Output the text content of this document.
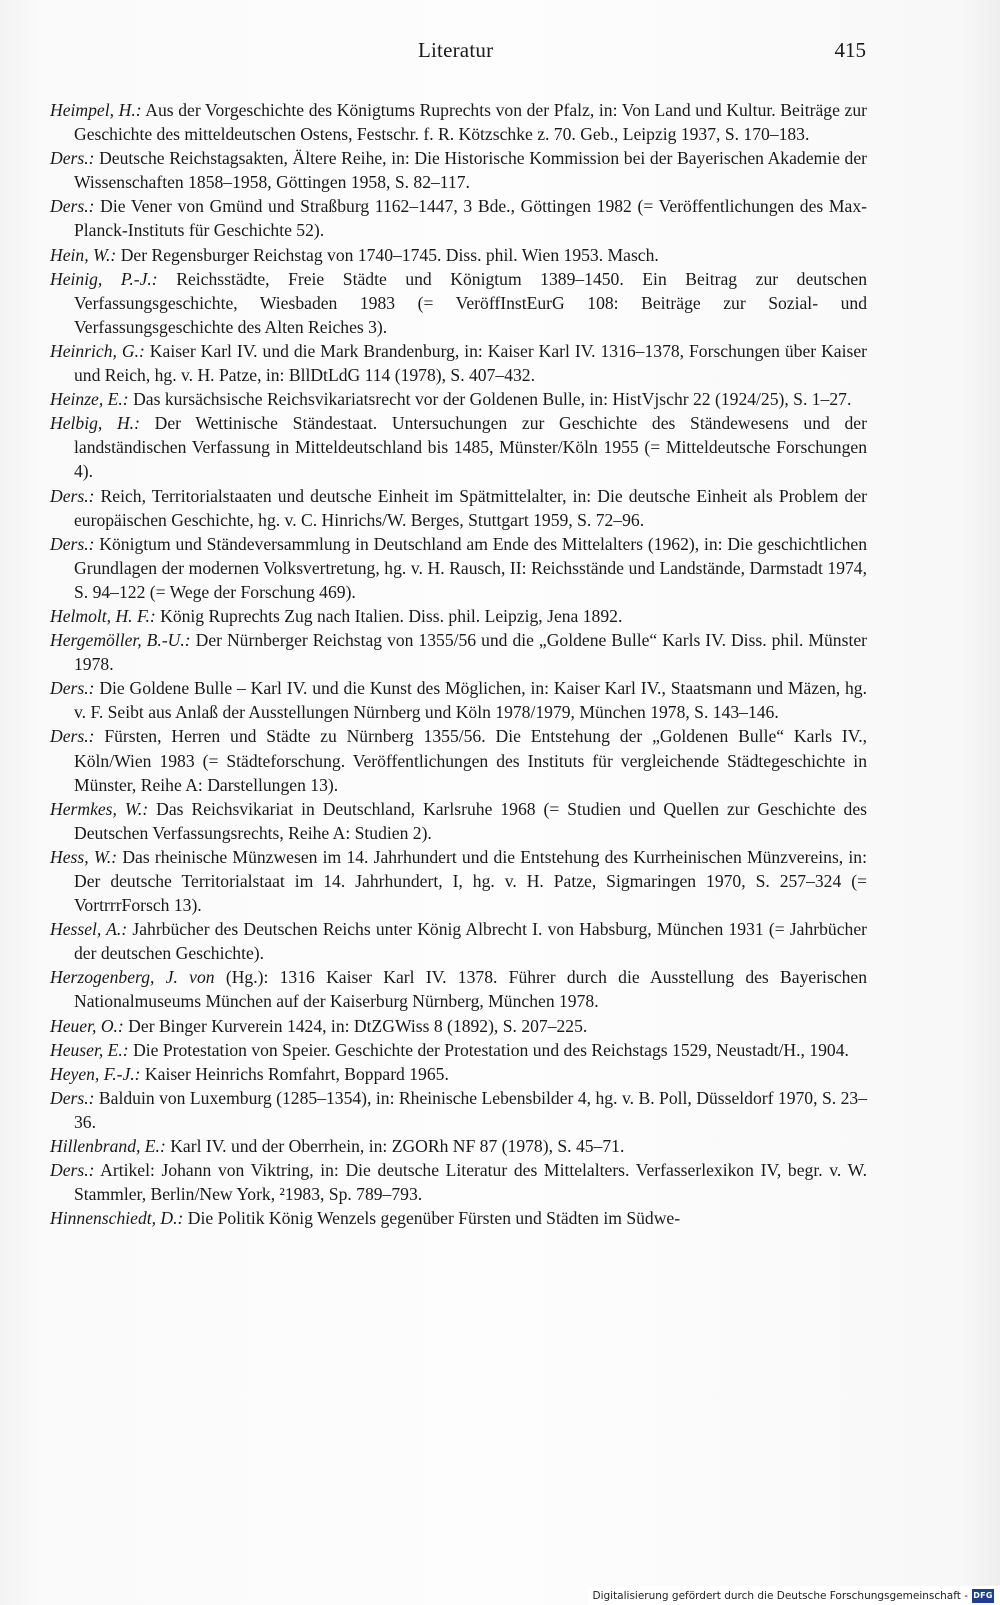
Literatur	415

Heimpel, H.: Aus der Vorgeschichte des Königtums Ruprechts von der Pfalz, in: Von Land und Kultur. Beiträge zur Geschichte des mitteldeutschen Ostens, Festschr. f. R. Kötzschke z. 70. Geb., Leipzig 1937, S. 170–183.

Ders.: Deutsche Reichstagsakten, Ältere Reihe, in: Die Historische Kommission bei der Bayerischen Akademie der Wissenschaften 1858–1958, Göttingen 1958, S. 82–117.

Ders.: Die Vener von Gmünd und Straßburg 1162–1447, 3 Bde., Göttingen 1982 (= Veröffentlichungen des Max-Planck-Instituts für Geschichte 52).

Hein, W.: Der Regensburger Reichstag von 1740–1745. Diss. phil. Wien 1953. Masch.

Heinig, P.-J.: Reichsstädte, Freie Städte und Königtum 1389–1450. Ein Beitrag zur deutschen Verfassungsgeschichte, Wiesbaden 1983 (= VeröffInstEurG 108: Beiträge zur Sozial- und Verfassungsgeschichte des Alten Reiches 3).

Heinrich, G.: Kaiser Karl IV. und die Mark Brandenburg, in: Kaiser Karl IV. 1316–1378, Forschungen über Kaiser und Reich, hg. v. H. Patze, in: BllDtLdG 114 (1978), S. 407–432.

Heinze, E.: Das kursächsische Reichsvikariatsrecht vor der Goldenen Bulle, in: HistVjschr 22 (1924/25), S. 1–27.

Helbig, H.: Der Wettinische Ständestaat. Untersuchungen zur Geschichte des Ständewesens und der landständischen Verfassung in Mitteldeutschland bis 1485, Münster/Köln 1955 (= Mitteldeutsche Forschungen 4).

Ders.: Reich, Territorialstaaten und deutsche Einheit im Spätmittelalter, in: Die deutsche Einheit als Problem der europäischen Geschichte, hg. v. C. Hinrichs/W. Berges, Stuttgart 1959, S. 72–96.

Ders.: Königtum und Ständeversammlung in Deutschland am Ende des Mittelalters (1962), in: Die geschichtlichen Grundlagen der modernen Volksvertretung, hg. v. H. Rausch, II: Reichsstände und Landstände, Darmstadt 1974, S. 94–122 (= Wege der Forschung 469).

Helmolt, H. F.: König Ruprechts Zug nach Italien. Diss. phil. Leipzig, Jena 1892.

Hergemöller, B.-U.: Der Nürnberger Reichstag von 1355/56 und die „Goldene Bulle“ Karls IV. Diss. phil. Münster 1978.

Ders.: Die Goldene Bulle – Karl IV. und die Kunst des Möglichen, in: Kaiser Karl IV., Staatsmann und Mäzen, hg. v. F. Seibt aus Anlaß der Ausstellungen Nürnberg und Köln 1978/1979, München 1978, S. 143–146.

Ders.: Fürsten, Herren und Städte zu Nürnberg 1355/56. Die Entstehung der „Goldenen Bulle“ Karls IV., Köln/Wien 1983 (= Städteforschung. Veröffentlichungen des Instituts für vergleichende Städtegeschichte in Münster, Reihe A: Darstellungen 13).

Hermkes, W.: Das Reichsvikariat in Deutschland, Karlsruhe 1968 (= Studien und Quellen zur Geschichte des Deutschen Verfassungsrechts, Reihe A: Studien 2).

Hess, W.: Das rheinische Münzwesen im 14. Jahrhundert und die Entstehung des Kurrheinischen Münzvereins, in: Der deutsche Territorialstaat im 14. Jahrhundert, I, hg. v. H. Patze, Sigmaringen 1970, S. 257–324 (= VortrrrForsch 13).

Hessel, A.: Jahrbücher des Deutschen Reichs unter König Albrecht I. von Habsburg, München 1931 (= Jahrbücher der deutschen Geschichte).

Herzogenberg, J. von (Hg.): 1316 Kaiser Karl IV. 1378. Führer durch die Ausstellung des Bayerischen Nationalmuseums München auf der Kaiserburg Nürnberg, München 1978.

Heuer, O.: Der Binger Kurverein 1424, in: DtZGWiss 8 (1892), S. 207–225.

Heuser, E.: Die Protestation von Speier. Geschichte der Protestation und des Reichstags 1529, Neustadt/H., 1904.

Heyen, F.-J.: Kaiser Heinrichs Romfahrt, Boppard 1965.

Ders.: Balduin von Luxemburg (1285–1354), in: Rheinische Lebensbilder 4, hg. v. B. Poll, Düsseldorf 1970, S. 23–36.

Hillenbrand, E.: Karl IV. und der Oberrhein, in: ZGORh NF 87 (1978), S. 45–71.

Ders.: Artikel: Johann von Viktring, in: Die deutsche Literatur des Mittelalters. Verfasserlexikon IV, begr. v. W. Stammler, Berlin/New York, ²1983, Sp. 789–793.

Hinnenschiedt, D.: Die Politik König Wenzels gegenüber Fürsten und Städten im Südwe-

Digitalisierung gefördert durch die Deutsche Forschungsgemeinschaft - DFG
